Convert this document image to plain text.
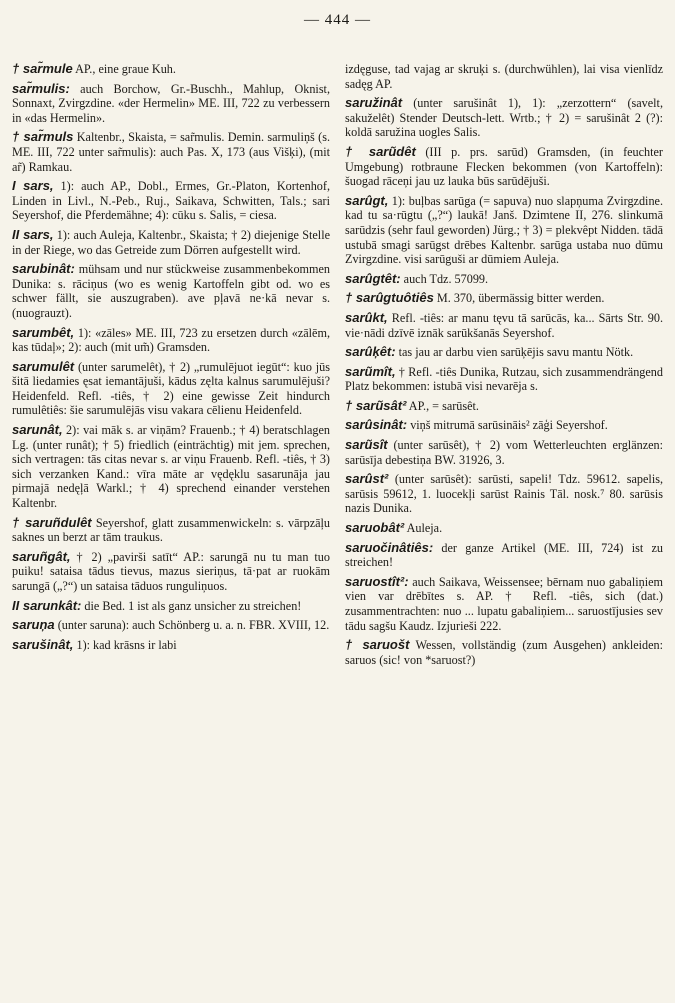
— 444 —

† sar̃mule AP., eine graue Kuh.

sar̃mulis: auch Borchow, Gr.-Buschh., Mahlup, Oknist, Sonnaxt, Zvirgzdine. «der Hermelin» ME. III, 722 zu verbessern in «das Hermelin».

† sar̃muls Kaltenbr., Skaista, = sar̃mulis. Demin. sarmuliņš (s. ME. III, 722 unter sar̃mulis): auch Pas. X, 173 (aus Višķi), (mit ar̃) Ramkau.

I sars, 1): auch AP., Dobl., Ermes, Gr.-Platon, Kortenhof, Linden in Livl., N.-Peb., Ruj., Saikava, Schwitten, Tals.; sari Seyershof, die Pferdemähne; 4): cūku s. Salis, = ciesa.

II sars, 1): auch Auleja, Kaltenbr., Skaista; † 2) diejenige Stelle in der Riege, wo das Getreide zum Dörren aufgestellt wird.

sarubinât: mühsam und nur stückweise zusammenbekommen Dunika: s. rāciņus (wo es wenig Kartoffeln gibt od. wo es schwer fällt, sie auszugraben). ave pļavā ne·kā nevar s. (nuograuzt).

sarumbêt, 1): «zāles» ME. III, 723 zu ersetzen durch «zālēm, kas tūdaļ»; 2): auch (mit um̃) Gramsden.

sarumulêt (unter sarumelêt), † 2) „rumulējuot iegūt“: kuo jūs šitā liedamies ęsat iemantājuši, kādus zęlta kalnus sarumulējuši? Heidenfeld. Refl. -tiês, † 2) eine gewisse Zeit hindurch rumulêtiês: šie sarumulējās visu vakara cēlienu Heidenfeld.

sarunât, 2): vai māk s. ar viņām? Frauenb.; † 4) beratschlagen Lg. (unter runât); † 5) friedlich (einträchtig) mit jem. sprechen, sich vertragen: tās citas nevar s. ar viņu Frauenb. Refl. -tiês, † 3) sich verzanken Kand.: vīra māte ar vędęklu sasarunāja jau pirmajā nedęļā Warkl.; † 4) sprechend einander verstehen Kaltenbr.

† saruñdulêt Seyershof, glatt zusammenwickeln: s. vārpzāļu saknes un berzt ar tām traukus.

saruñgât, † 2) „pavirši satīt“ AP.: sarungā nu tu man tuo puiku! sataisa tādus tievus, mazus sieriņus, tā·pat ar ruokām sarungā („?“) un sataisa tāduos runguliņuos.

II sarunkât: die Bed. 1 ist als ganz unsicher zu streichen!

saruņa (unter saruna): auch Schönberg u. a. n. FBR. XVIII, 12.

sarušinât, 1): kad krāsns ir labi

izdęguse, tad vajag ar skruķi s. (durchwühlen), lai visa vienlīdz sadęg AP.

saružinât (unter sarušinât 1), 1): „zerzottern“ (savelt, sakuželêt) Stender Deutsch-lett. Wrtb.; † 2) = sarušinât 2 (?): koldā saružina uogles Salis.

† sarũdêt (III p. prs. sarūd) Gramsden, (in feuchter Umgebung) rotbraune Flecken bekommen (von Kartoffeln): šuogad rāceņi jau uz lauka būs sarūdējuši.

sarûgt, 1): buļbas sarūga (= sapuva) nuo slapņuma Zvirgzdine. kad tu sa·rūgtu („?“) laukā! Janš. Dzimtene II, 276. slinkumā sarūdzis (sehr faul geworden) Jürg.; † 3) = plekvêpt Nidden. tādā ustubā smagi sarūgst drēbes Kaltenbr. sarūga ustaba nuo dūmu Zvirgzdine. visi sarūguši ar dūmiem Auleja.

sarûgtêt: auch Tdz. 57099.

† sarûgtuôtiês M. 370, übermässig bitter werden.

sarûkt, Refl. -tiês: ar manu tęvu tā sarūcās, ka... Sārts Str. 90. vie·nādi dzīvē iznāk sarūkšanās Seyershof.

sarûķêt: tas jau ar darbu vien sarūķējis savu mantu Nötk.

sarũmît, † Refl. -tiês Dunika, Rutzau, sich zusammendrängend Platz bekommen: istubā visi nevarēja s.

† sarũsât² AP., = sarūsêt.

sarûsinât: viņš mitrumā sarūsināis² zāģi Seyershof.

sarũsît (unter sarūsêt), † 2) vom Wetterleuchten erglänzen: sarūsīja debestiņa BW. 31926, 3.

sarûst² (unter sarūsêt): sarūsti, sapeli! Tdz. 59612. sapelis, sarūsis 59612, 1. luocekļi sarūst Rainis Tāl. nosk.⁷ 80. sarūsis nazis Dunika.

saruobât² Auleja.

saruočinâtiês: der ganze Artikel (ME. III, 724) ist zu streichen!

saruostît²: auch Saikava, Weissensee; bērnam nuo gabaliņiem vien var drēbītes s. AP. † Refl. -tiês, sich (dat.) zusammentrachten: nuo ... lupatu gabaliņiem... saruostījusies sev tādu sagšu Kaudz. Izjurieši 222.

† saruošt Wessen, vollständig (zum Ausgehen) ankleiden: saruos (sic! von *saruost?)
